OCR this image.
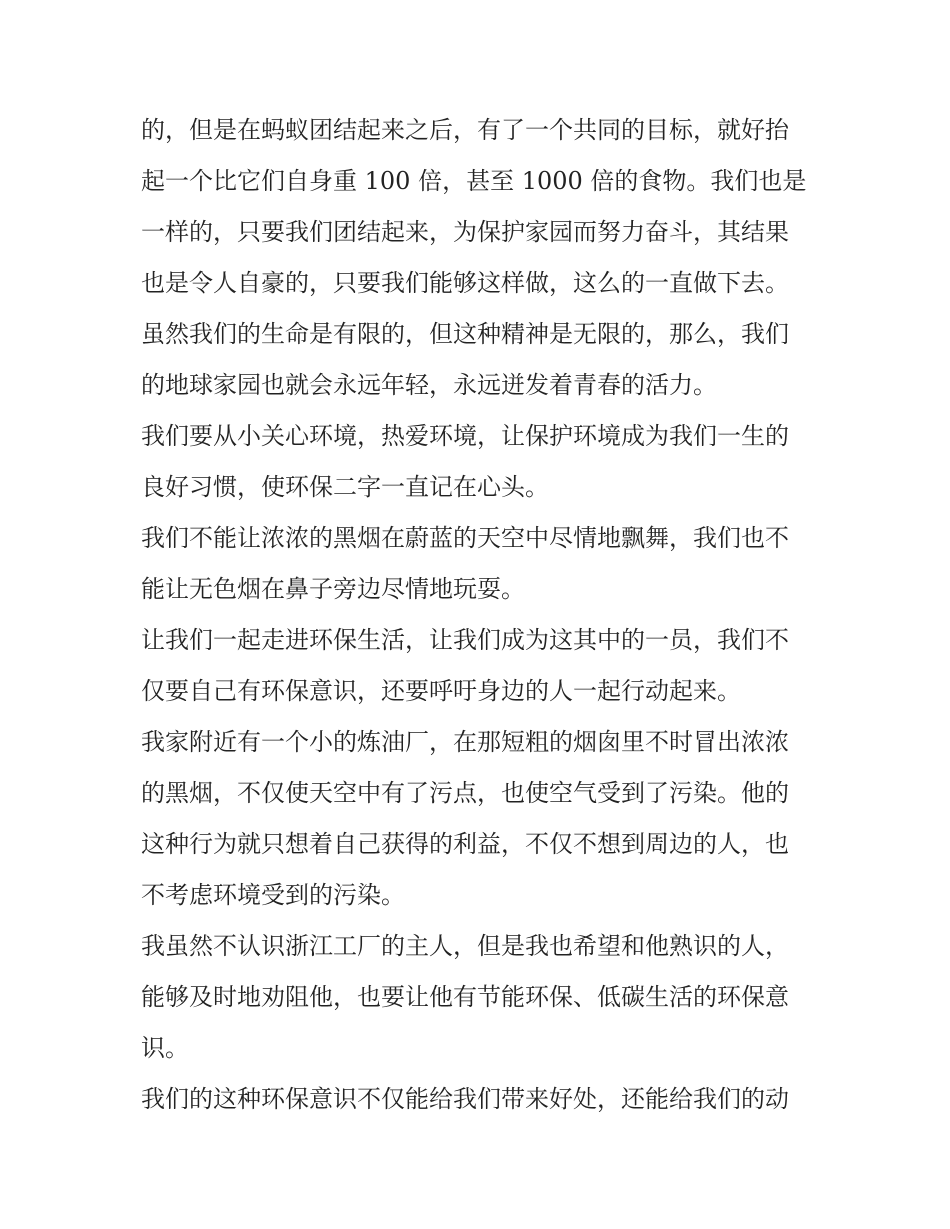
的，但是在蚂蚁团结起来之后，有了一个共同的目标，就好抬
起一个比它们自身重 100 倍，甚至 1000 倍的食物。我们也是
一样的，只要我们团结起来，为保护家园而努力奋斗，其结果
也是令人自豪的，只要我们能够这样做，这么的一直做下去。
虽然我们的生命是有限的，但这种精神是无限的，那么，我们
的地球家园也就会永远年轻，永远迸发着青春的活力。
我们要从小关心环境，热爱环境，让保护环境成为我们一生的
良好习惯，使环保二字一直记在心头。
我们不能让浓浓的黑烟在蔚蓝的天空中尽情地飘舞，我们也不
能让无色烟在鼻子旁边尽情地玩耍。
让我们一起走进环保生活，让我们成为这其中的一员，我们不
仅要自己有环保意识，还要呼吁身边的人一起行动起来。
我家附近有一个小的炼油厂，在那短粗的烟囱里不时冒出浓浓
的黑烟，不仅使天空中有了污点，也使空气受到了污染。他的
这种行为就只想着自己获得的利益，不仅不想到周边的人，也
不考虑环境受到的污染。
我虽然不认识浙江工厂的主人，但是我也希望和他熟识的人，
能够及时地劝阻他，也要让他有节能环保、低碳生活的环保意
识。
我们的这种环保意识不仅能给我们带来好处，还能给我们的动
